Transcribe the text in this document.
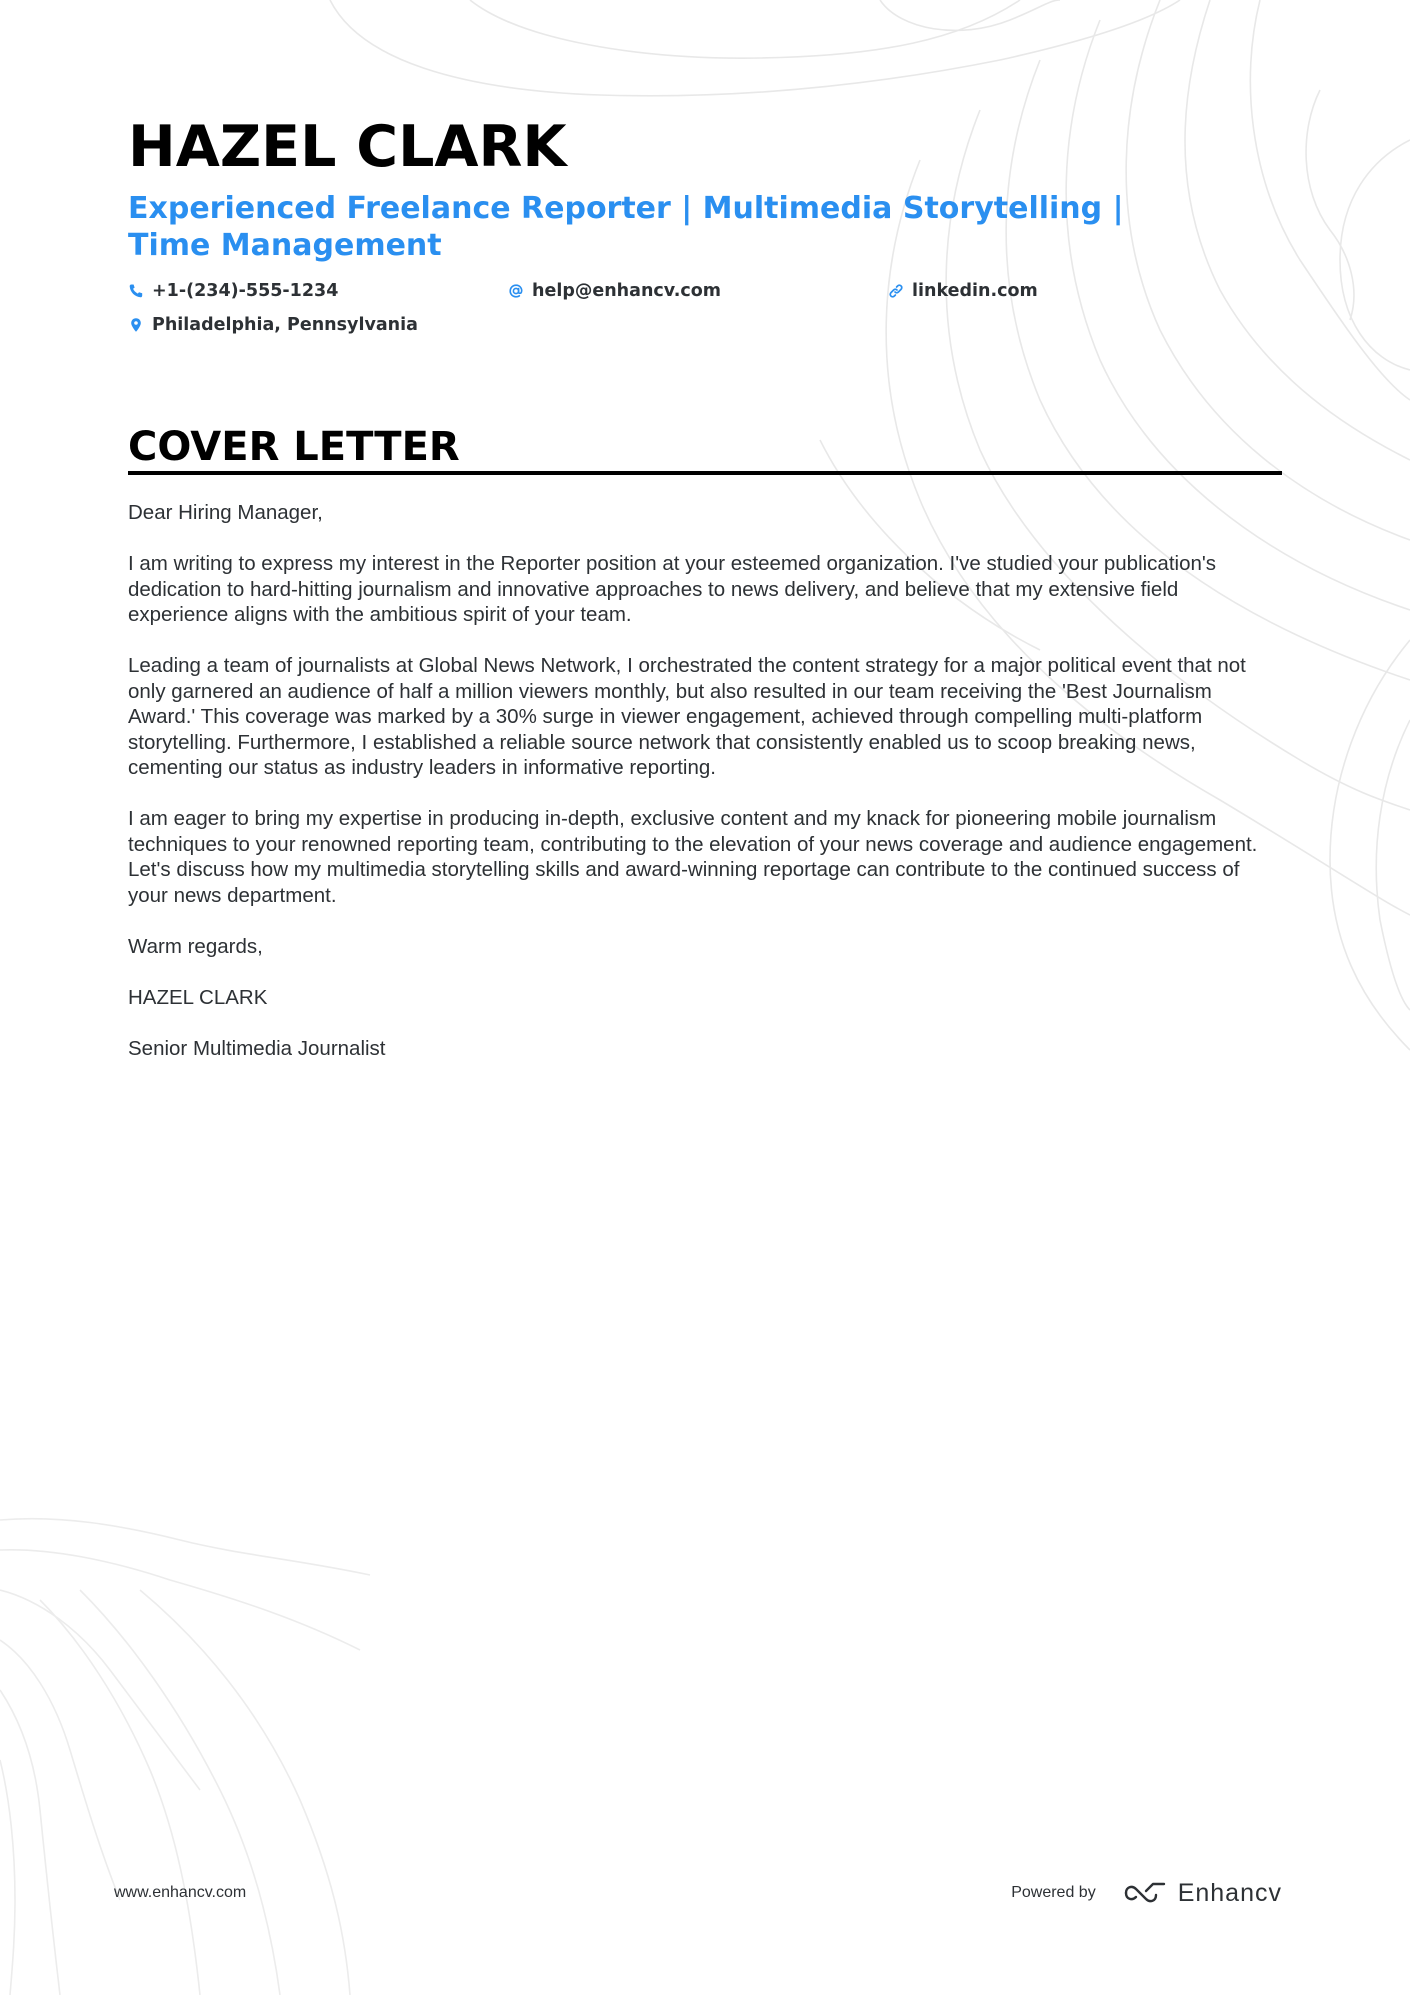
HAZEL CLARK
Experienced Freelance Reporter | Multimedia Storytelling | Time Management
+1-(234)-555-1234	help@enhancv.com	linkedin.com
Philadelphia, Pennsylvania
COVER LETTER

Dear Hiring Manager,

I am writing to express my interest in the Reporter position at your esteemed organization. I've studied your publication's dedication to hard-hitting journalism and innovative approaches to news delivery, and believe that my extensive field experience aligns with the ambitious spirit of your team.

Leading a team of journalists at Global News Network, I orchestrated the content strategy for a major political event that not only garnered an audience of half a million viewers monthly, but also resulted in our team receiving the 'Best Journalism Award.' This coverage was marked by a 30% surge in viewer engagement, achieved through compelling multi-platform storytelling. Furthermore, I established a reliable source network that consistently enabled us to scoop breaking news, cementing our status as industry leaders in informative reporting.

I am eager to bring my expertise in producing in-depth, exclusive content and my knack for pioneering mobile journalism techniques to your renowned reporting team, contributing to the elevation of your news coverage and audience engagement. Let's discuss how my multimedia storytelling skills and award-winning reportage can contribute to the continued success of your news department.

Warm regards,

HAZEL CLARK

Senior Multimedia Journalist

www.enhancv.com	Powered by	Enhancv
